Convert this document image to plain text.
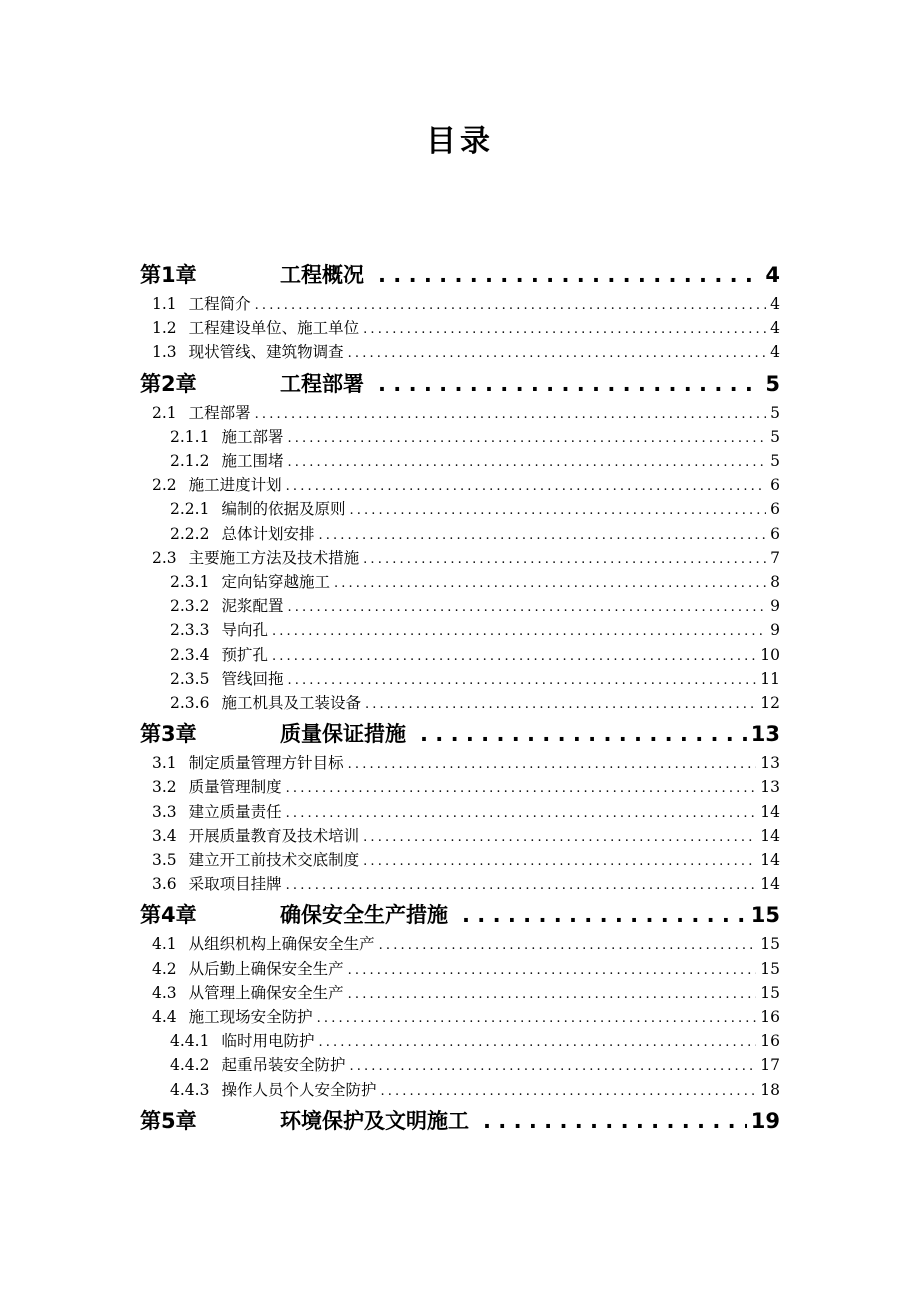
目录
第1章	工程概况 . . .	4
1.1 工程简介 . . .	4
1.2 工程建设单位、施工单位 . . .	4
1.3 现状管线、建筑物调查 . . .	4
第2章	工程部署 . . .	5
2.1 工程部署 . . .	5
2.1.1 施工部署 . . .	5
2.1.2 施工围堵 . . .	5
2.2 施工进度计划 . . .	6
2.2.1 编制的依据及原则 . . .	6
2.2.2 总体计划安排 . . .	6
2.3 主要施工方法及技术措施 . . .	7
2.3.1 定向钻穿越施工 . . .	8
2.3.2 泥浆配置 . . .	9
2.3.3 导向孔 . . .	9
2.3.4 预扩孔 . . .	10
2.3.5 管线回拖 . . .	11
2.3.6 施工机具及工装设备 . . .	12
第3章	质量保证措施 . . .	13
3.1 制定质量管理方针目标 . . .	13
3.2 质量管理制度 . . .	13
3.3 建立质量责任 . . .	14
3.4 开展质量教育及技术培训 . . .	14
3.5 建立开工前技术交底制度 . . .	14
3.6 采取项目挂牌 . . .	14
第4章	确保安全生产措施 . . .	15
4.1 从组织机构上确保安全生产 . . .	15
4.2 从后勤上确保安全生产 . . .	15
4.3 从管理上确保安全生产 . . .	15
4.4 施工现场安全防护 . . .	16
4.4.1 临时用电防护 . . .	16
4.4.2 起重吊装安全防护 . . .	17
4.4.3 操作人员个人安全防护 . . .	18
第5章	环境保护及文明施工 . . .	19
